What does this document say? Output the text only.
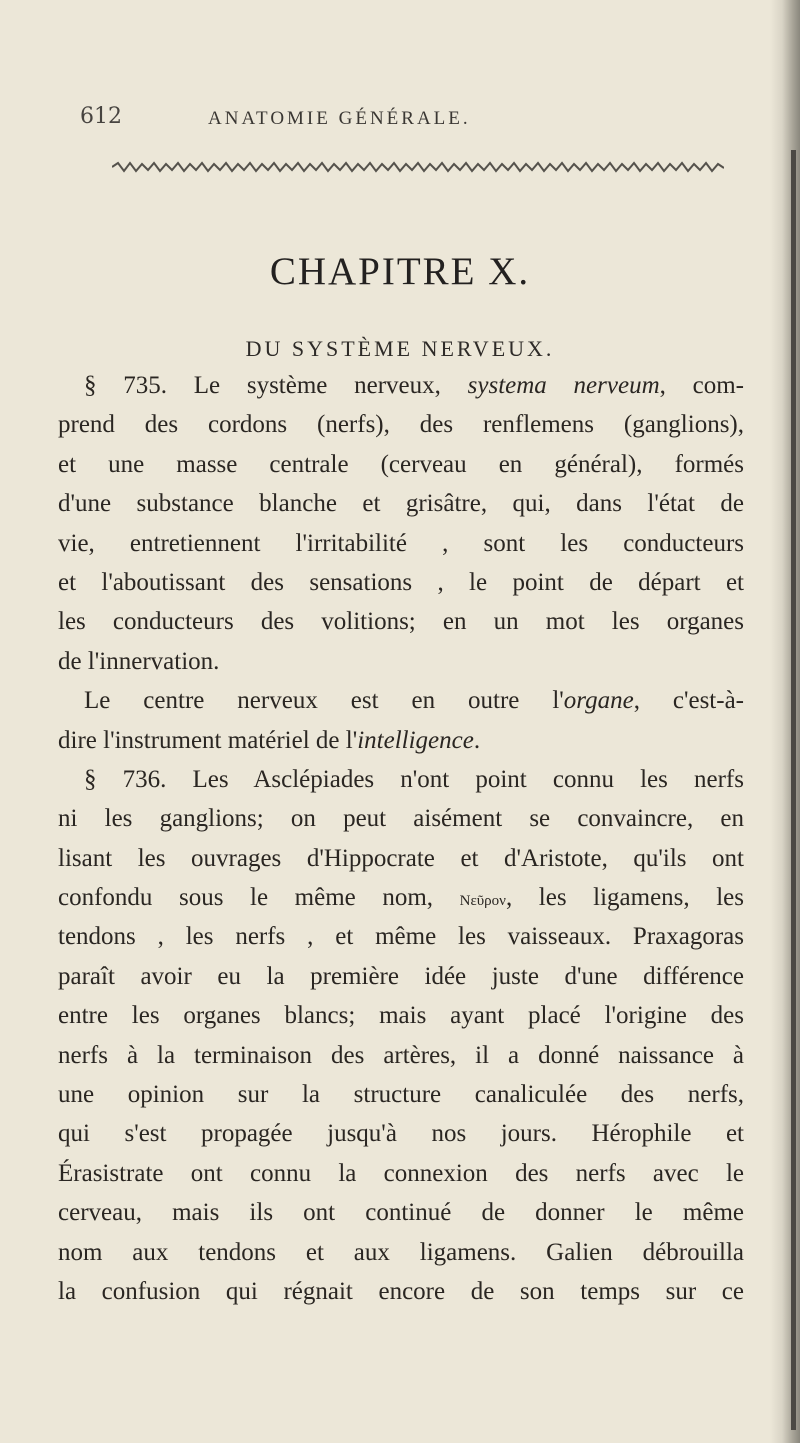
612	ANATOMIE GÉNÉRALE.
CHAPITRE X.
DU SYSTÈME NERVEUX.
§ 735. Le système nerveux, systema nerveum, com-
prend des cordons (nerfs), des renflemens (ganglions),
et une masse centrale (cerveau en général), formés
d'une substance blanche et grisâtre, qui, dans l'état de
vie, entretiennent l'irritabilité , sont les conducteurs
et l'aboutissant des sensations , le point de départ et
les conducteurs des volitions; en un mot les organes
de l'innervation.
Le centre nerveux est en outre l'organe, c'est-à-
dire l'instrument matériel de l'intelligence.
§ 736. Les Asclépiades n'ont point connu les nerfs
ni les ganglions; on peut aisément se convaincre, en
lisant les ouvrages d'Hippocrate et d'Aristote, qu'ils ont
confondu sous le même nom, Νεῦρον, les ligamens, les
tendons , les nerfs , et même les vaisseaux. Praxagoras
paraît avoir eu la première idée juste d'une différence
entre les organes blancs; mais ayant placé l'origine des
nerfs à la terminaison des artères, il a donné naissance à
une opinion sur la structure canaliculée des nerfs,
qui s'est propagée jusqu'à nos jours. Hérophile et
Érasistrate ont connu la connexion des nerfs avec le
cerveau, mais ils ont continué de donner le même
nom aux tendons et aux ligamens. Galien débrouilla
la confusion qui régnait encore de son temps sur ce
